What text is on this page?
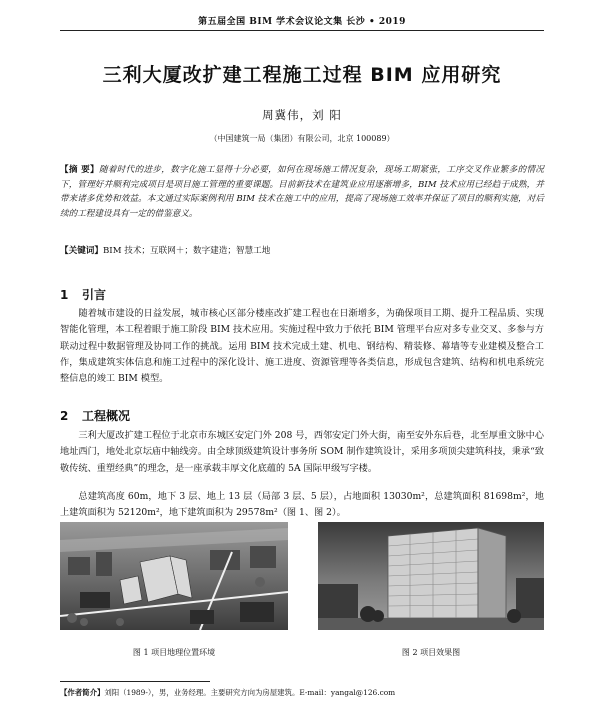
第五届全国 BIM 学术会议论文集 长沙 • 2019
三利大厦改扩建工程施工过程 BIM 应用研究
周冀伟，刘 阳
（中国建筑一局（集团）有限公司，北京 100089）
【摘 要】随着时代的进步，数字化施工显得十分必要，如何在现场施工情况复杂，现场工期紧张，工序交叉作业繁多的情况下，管理好并顺利完成项目是项目施工管理的重要课题。目前新技术在建筑业应用逐渐增多，BIM 技术应用已经趋于成熟，并带来诸多优势和效益。本文通过实际案例利用 BIM 技术在施工中的应用，提高了现场施工效率并保证了项目的顺利实施，对后续的工程建设具有一定的借鉴意义。
【关键词】BIM 技术；互联网＋；数字建造；智慧工地
1 引言
随着城市建设的日益发展，城市核心区部分楼座改扩建工程也在日渐增多，为确保项目工期、提升工程品质、实现智能化管理，本工程着眼于施工阶段 BIM 技术应用。实施过程中致力于依托 BIM 管理平台应对多专业交叉、多参与方联动过程中数据管理及协同工作的挑战。运用 BIM 技术完成土建、机电、钢结构、精装修、幕墙等专业建模及整合工作，集成建筑实体信息和施工过程中的深化设计、施工进度、资源管理等各类信息，形成包含建筑、结构和机电系统完整信息的竣工 BIM 模型。
2 工程概况
三利大厦改扩建工程位于北京市东城区安定门外 208 号，西邻安定门外大街，南至安外东后巷，北至厚重文脉中心地址西门，地处北京坛庙中轴线旁。由全球顶级建筑设计事务所 SOM 制作建筑设计，采用多项顶尖建筑科技，秉承“致敬传统、重塑经典”的理念，是一座承载丰厚文化底蕴的 5A 国际甲级写字楼。
总建筑高度 60m，地下 3 层、地上 13 层（局部 3 层、5 层），占地面积 13030m²，总建筑面积 81698m²，地上建筑面积为 52120m²，地下建筑面积为 29578m²（图 1、图 2）。
图 1 项目地理位置环境	图 2 项目效果图
【作者简介】刘阳（1989-），男，业务经理。主要研究方向为房屋建筑。E-mail：yangal@126.com
